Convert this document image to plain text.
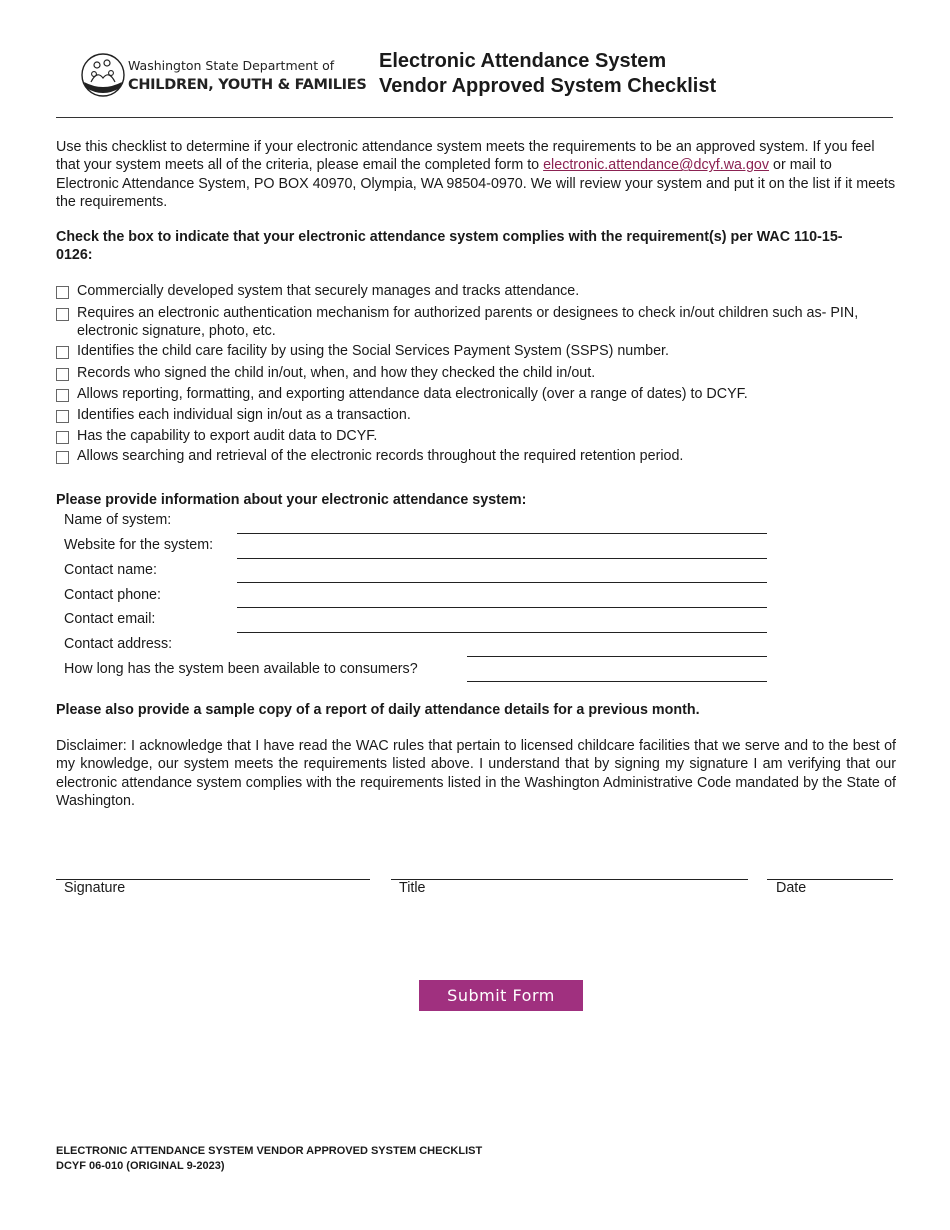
Washington State Department of
CHILDREN, YOUTH & FAMILIES
Electronic Attendance System
Vendor Approved System Checklist
Use this checklist to determine if your electronic attendance system meets the requirements to be an approved system. If you feel that your system meets all of the criteria, please email the completed form to electronic.attendance@dcyf.wa.gov or mail to Electronic Attendance System, PO BOX 40970, Olympia, WA 98504-0970. We will review your system and put it on the list if it meets the requirements.
Check the box to indicate that your electronic attendance system complies with the requirement(s) per WAC 110-15-0126:
Commercially developed system that securely manages and tracks attendance.
Requires an electronic authentication mechanism for authorized parents or designees to check in/out children such as- PIN, electronic signature, photo, etc.
Identifies the child care facility by using the Social Services Payment System (SSPS) number.
Records who signed the child in/out, when, and how they checked the child in/out.
Allows reporting, formatting, and exporting attendance data electronically (over a range of dates) to DCYF.
Identifies each individual sign in/out as a transaction.
Has the capability to export audit data to DCYF.
Allows searching and retrieval of the electronic records throughout the required retention period.
Please provide information about your electronic attendance system:
Name of system:
Website for the system:
Contact name:
Contact phone:
Contact email:
Contact address:
How long has the system been available to consumers?
Please also provide a sample copy of a report of daily attendance details for a previous month.
Disclaimer: I acknowledge that I have read the WAC rules that pertain to licensed childcare facilities that we serve and to the best of my knowledge, our system meets the requirements listed above. I understand that by signing my signature I am verifying that our electronic attendance system complies with the requirements listed in the Washington Administrative Code mandated by the State of Washington.
Signature	Title	Date
Submit Form
ELECTRONIC ATTENDANCE SYSTEM VENDOR APPROVED SYSTEM CHECKLIST
DCYF 06-010 (ORIGINAL 9-2023)
